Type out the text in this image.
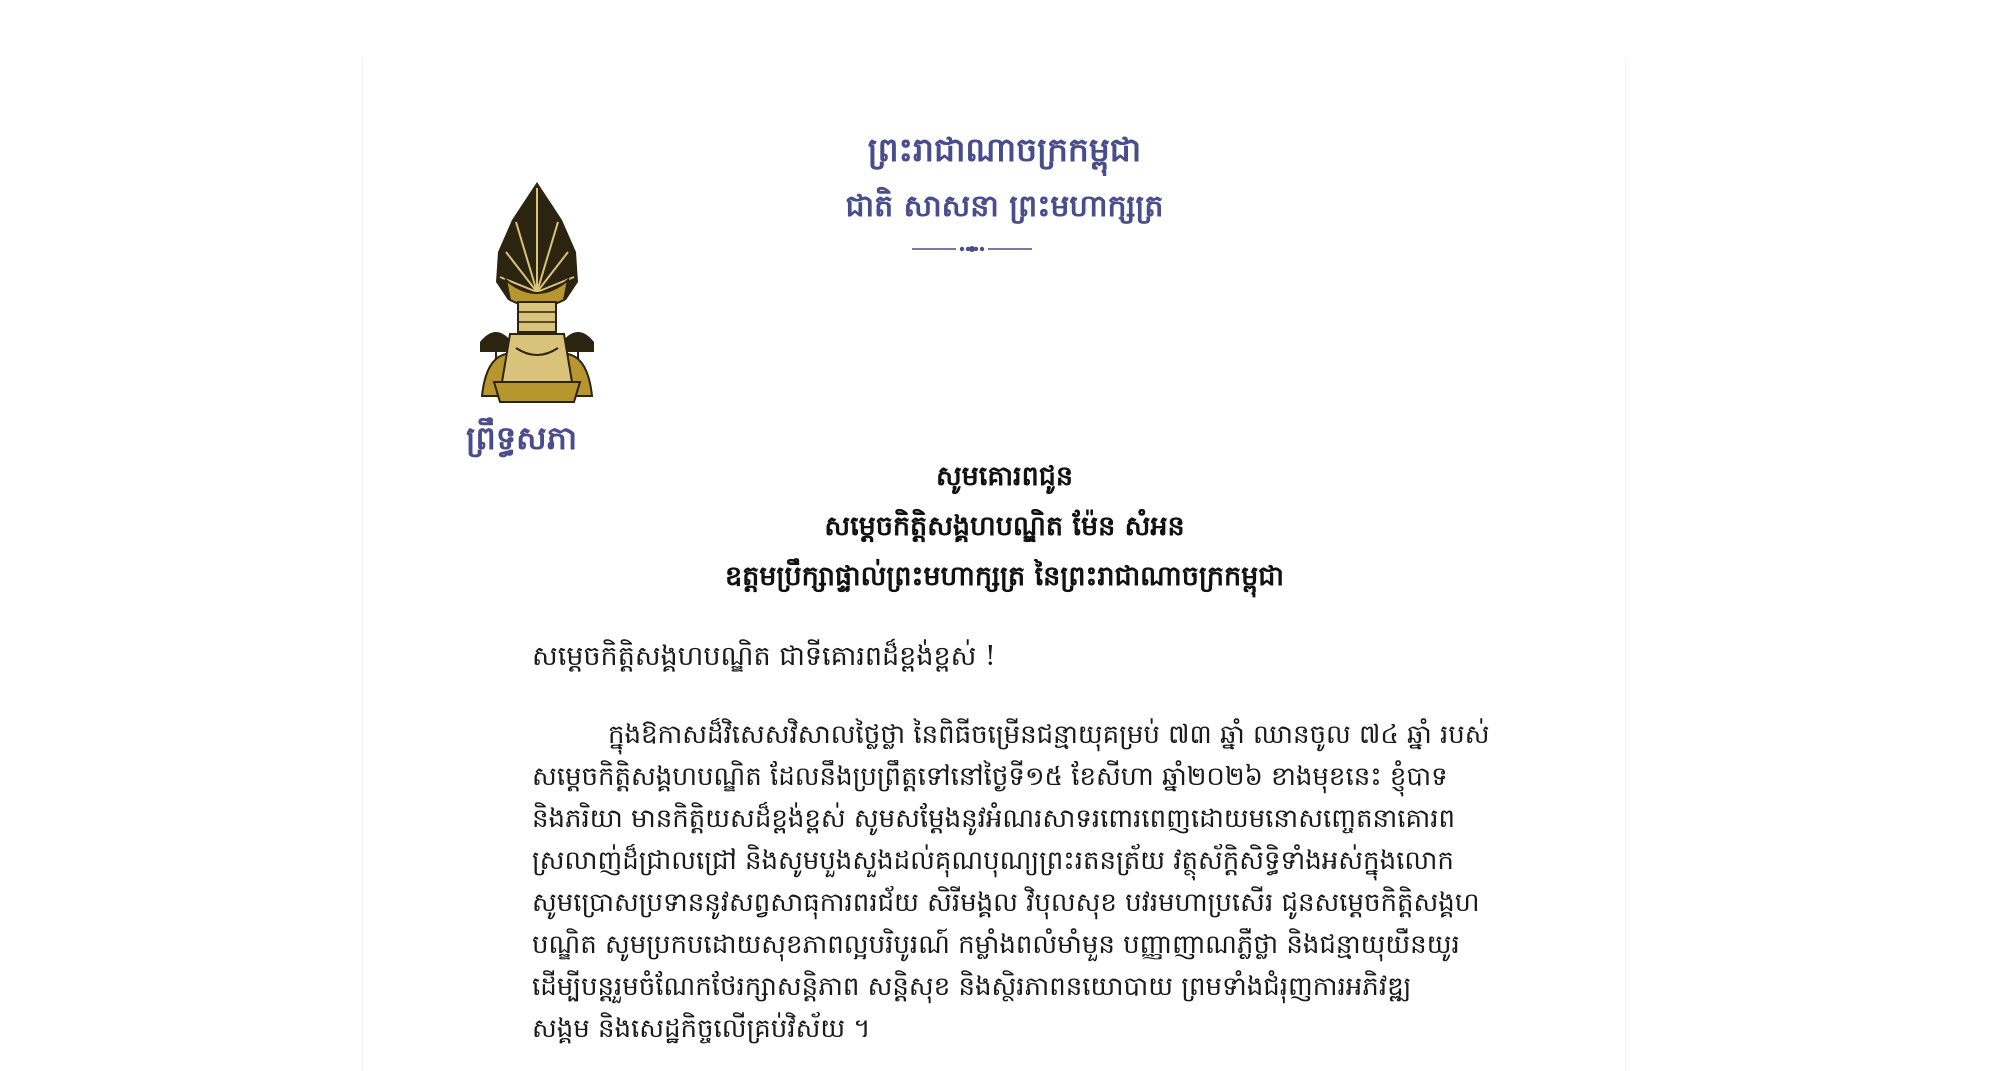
ព្រះរាជាណាចក្រកម្ពុជា
ជាតិ សាសនា ព្រះមហាក្សត្រ
ព្រឹទ្ធសភា
សូមគោរពជូន
សម្ដេចកិត្តិសង្គហបណ្ឌិត ម៉ែន សំអន
ឧត្តមប្រឹក្សាផ្ទាល់ព្រះមហាក្សត្រ នៃព្រះរាជាណាចក្រកម្ពុជា
សម្ដេចកិត្តិសង្គហបណ្ឌិត ជាទីគោរពដ៏ខ្ពង់ខ្ពស់ !
ក្នុងឱកាសដ៏វិសេសវិសាលថ្លៃថ្លា នៃពិធីចម្រើនជន្មាយុគម្រប់ ៧៣ ឆ្នាំ ឈានចូល ៧៤ ឆ្នាំ របស់
សម្ដេចកិត្តិសង្គហបណ្ឌិត ដែលនឹងប្រព្រឹត្តទៅនៅថ្ងៃទី១៥ ខែសីហា ឆ្នាំ២០២៦ ខាងមុខនេះ ខ្ញុំបាទ
និងភរិយា មានកិត្តិយសដ៏ខ្ពង់ខ្ពស់ សូមសម្ដែងនូវអំណរសាទរពោរពេញដោយមនោសញ្ចេតនាគោរព
ស្រលាញ់ដ៏ជ្រាលជ្រៅ និងសូមបួងសួងដល់គុណបុណ្យព្រះរតនត្រ័យ វត្ថុស័ក្តិសិទ្ធិទាំងអស់ក្នុងលោក
សូមប្រោសប្រទាននូវសព្វសាធុការពរជ័យ សិរីមង្គល វិបុលសុខ បវរមហាប្រសើរ ជូនសម្ដេចកិត្តិសង្គហ
បណ្ឌិត សូមប្រកបដោយសុខភាពល្អបរិបូរណ៍ កម្លាំងពលំមាំមួន បញ្ញាញាណភ្លឺថ្លា និងជន្មាយុយឺនយូរ
ដើម្បីបន្តរួមចំណែកថែរក្សាសន្តិភាព សន្តិសុខ និងស្ថិរភាពនយោបាយ ព្រមទាំងជំរុញការអភិវឌ្ឍ
សង្គម និងសេដ្ឋកិច្ចលើគ្រប់វិស័យ ។
